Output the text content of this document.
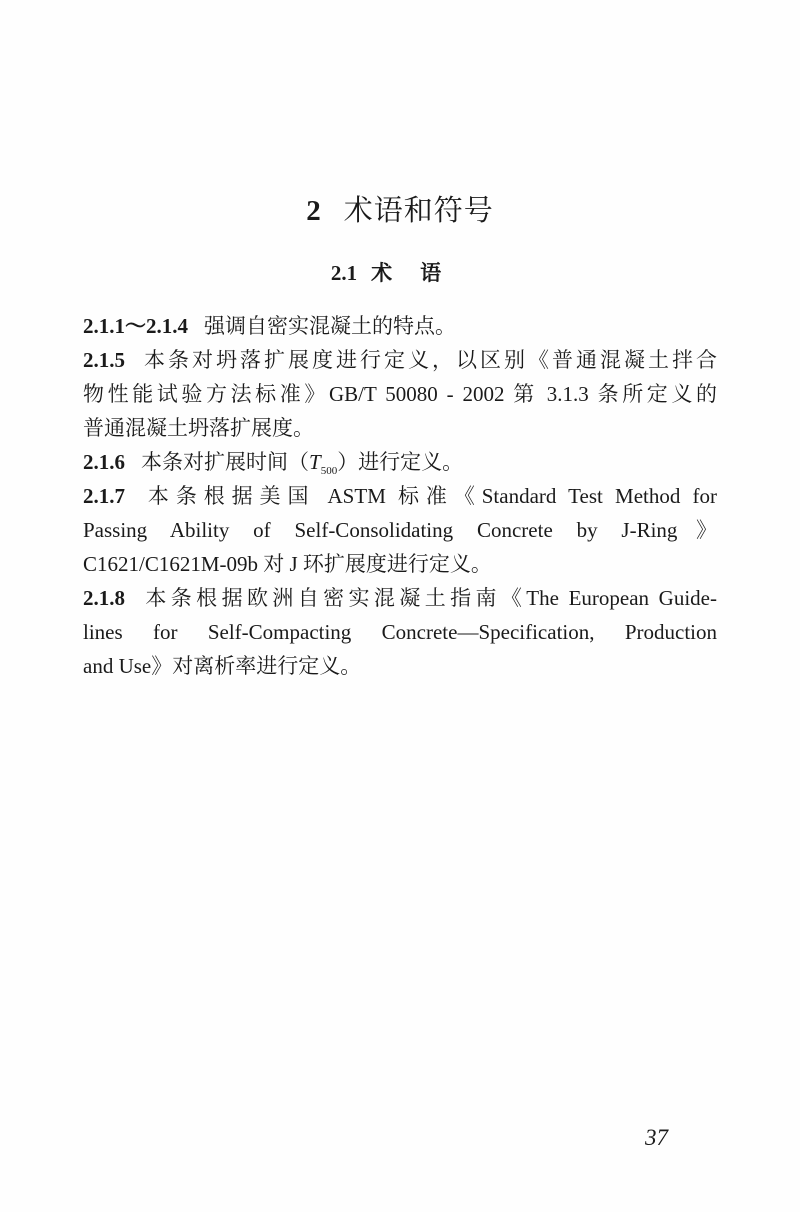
2 术语和符号
2.1 术语
2.1.1～2.1.4 强调自密实混凝土的特点。
2.1.5 本条对坍落扩展度进行定义，以区别《普通混凝土拌合
物性能试验方法标准》GB/T 50080 - 2002 第 3.1.3 条所定义的
普通混凝土坍落扩展度。
2.1.6 本条对扩展时间$(T_{500})$进行定义。
2.1.7 本条根据美国 ASTM 标准《Standard Test Method for
Passing Ability of Self-Consolidating Concrete by J-Ring》
C1621/C1621M-09b 对 J 环扩展度进行定义。
2.1.8 本条根据欧洲自密实混凝土指南《The European Guide-
lines for Self-Compacting Concrete—Specification, Production
and Use》对离析率进行定义。
37
